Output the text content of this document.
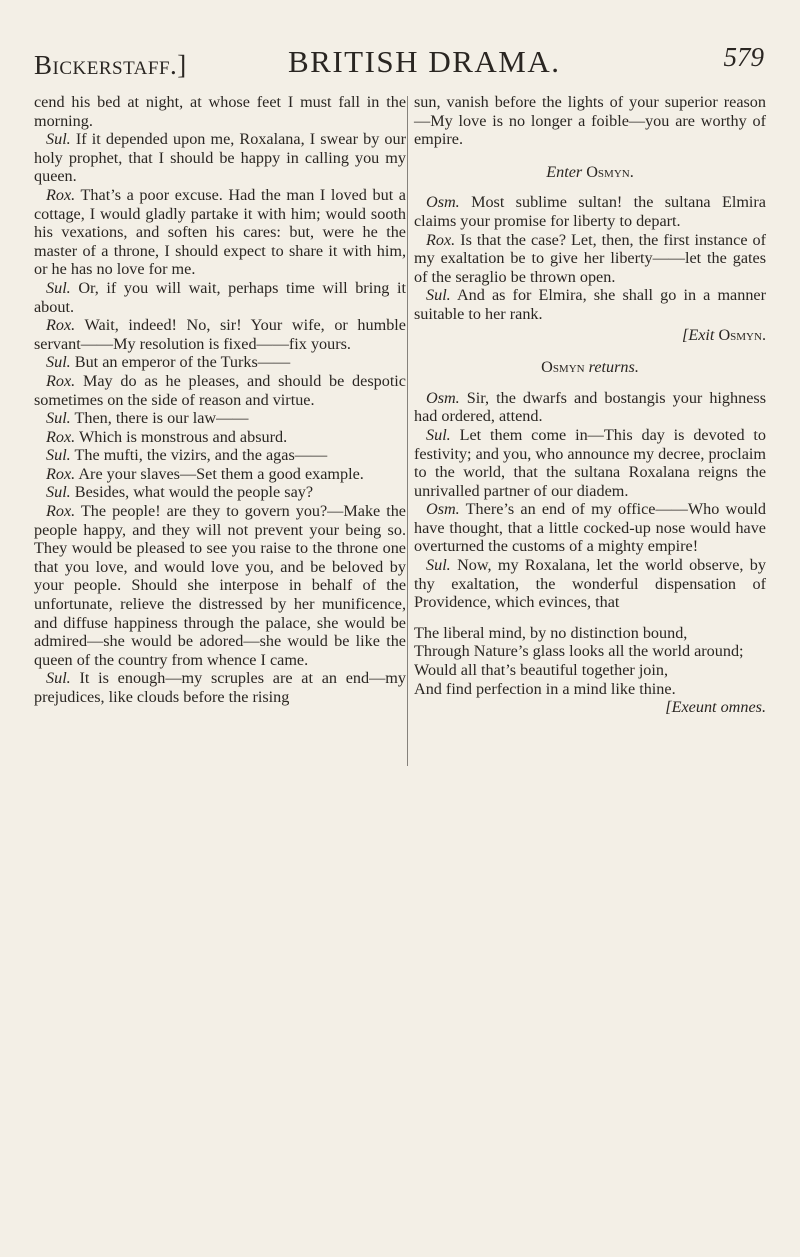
Bickerstaff.]	BRITISH DRAMA.	579

cend his bed at night, at whose feet I must fall in the morning.

Sul. If it depended upon me, Roxalana, I swear by our holy prophet, that I should be happy in calling you my queen.

Rox. That’s a poor excuse. Had the man I loved but a cottage, I would gladly partake it with him; would sooth his vexations, and soften his cares: but, were he the master of a throne, I should expect to share it with him, or he has no love for me.

Sul. Or, if you will wait, perhaps time will bring it about.

Rox. Wait, indeed! No, sir! Your wife, or humble servant——My resolution is fixed——fix yours.

Sul. But an emperor of the Turks——

Rox. May do as he pleases, and should be despotic sometimes on the side of reason and virtue.

Sul. Then, there is our law——

Rox. Which is monstrous and absurd.

Sul. The mufti, the vizirs, and the agas——

Rox. Are your slaves—Set them a good example.

Sul. Besides, what would the people say?

Rox. The people! are they to govern you?—Make the people happy, and they will not prevent your being so. They would be pleased to see you raise to the throne one that you love, and would love you, and be beloved by your people. Should she interpose in behalf of the unfortunate, relieve the distressed by her munificence, and diffuse happiness through the palace, she would be admired—she would be adored—she would be like the queen of the country from whence I came.

Sul. It is enough—my scruples are at an end—my prejudices, like clouds before the rising

sun, vanish before the lights of your superior reason—My love is no longer a foible—you are worthy of empire.

Enter Osmyn.

Osm. Most sublime sultan! the sultana Elmira claims your promise for liberty to depart.

Rox. Is that the case? Let, then, the first instance of my exaltation be to give her liberty——let the gates of the seraglio be thrown open.

Sul. And as for Elmira, she shall go in a manner suitable to her rank.

[Exit Osmyn.

Osmyn returns.

Osm. Sir, the dwarfs and bostangis your highness had ordered, attend.

Sul. Let them come in—This day is devoted to festivity; and you, who announce my decree, proclaim to the world, that the sultana Roxalana reigns the unrivalled partner of our diadem.

Osm. There’s an end of my office——Who would have thought, that a little cocked-up nose would have overturned the customs of a mighty empire!

Sul. Now, my Roxalana, let the world observe, by thy exaltation, the wonderful dispensation of Providence, which evinces, that

The liberal mind, by no distinction bound,

Through Nature’s glass looks all the world around;

Would all that’s beautiful together join,

And find perfection in a mind like thine.

[Exeunt omnes.
